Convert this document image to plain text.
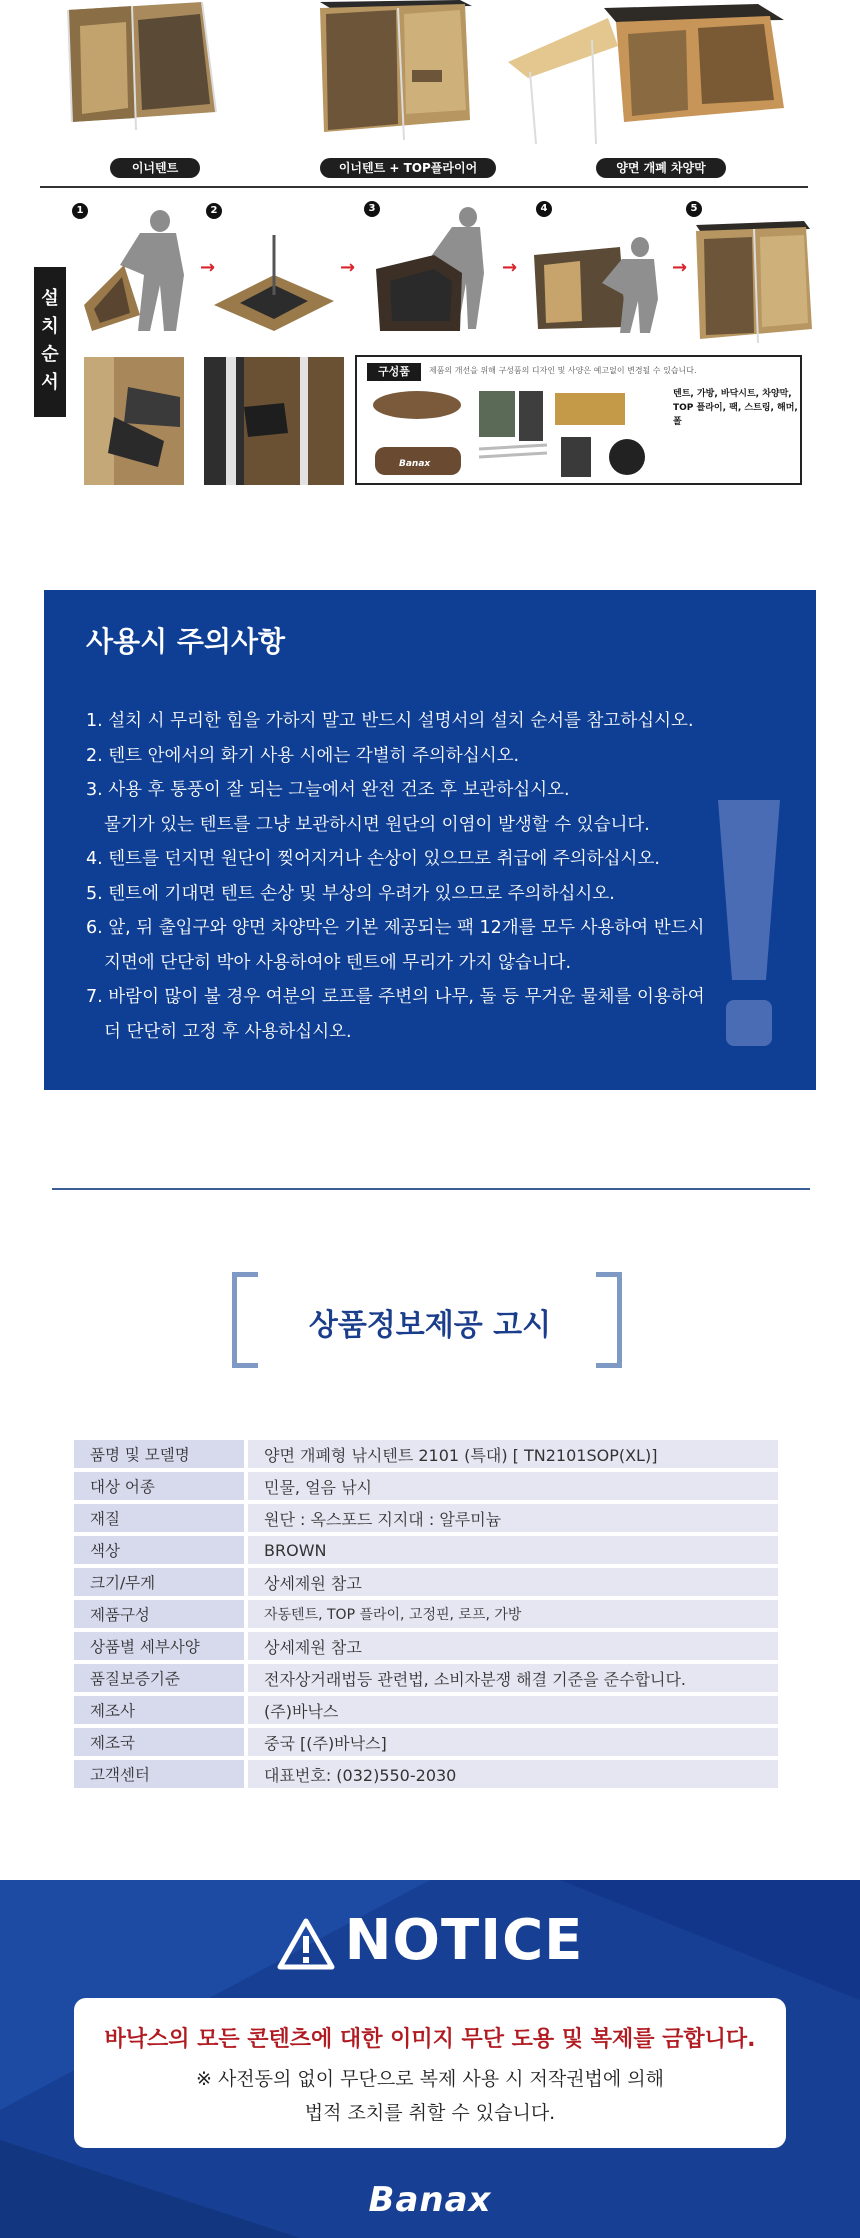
이너텐트	이너텐트 + TOP플라이어	양면 개폐 차양막
설치순서
1
→
2
→
3
→
4
→
5
구성품	제품의 개선을 위해 구성품의 디자인 및 사양은 예고없이 변경될 수 있습니다.
Banax
텐트, 가방, 바닥시트, 차양막, TOP 플라이, 팩, 스트링, 해머, 폴
사용시 주의사항
1. 설치 시 무리한 힘을 가하지 말고 반드시 설명서의 설치 순서를 참고하십시오.
2. 텐트 안에서의 화기 사용 시에는 각별히 주의하십시오.
3. 사용 후 통풍이 잘 되는 그늘에서 완전 건조 후 보관하십시오.
물기가 있는 텐트를 그냥 보관하시면 원단의 이염이 발생할 수 있습니다.
4. 텐트를 던지면 원단이 찢어지거나 손상이 있으므로 취급에 주의하십시오.
5. 텐트에 기대면 텐트 손상 및 부상의 우려가 있으므로 주의하십시오.
6. 앞, 뒤 출입구와 양면 차양막은 기본 제공되는 팩 12개를 모두 사용하여 반드시
지면에 단단히 박아 사용하여야 텐트에 무리가 가지 않습니다.
7. 바람이 많이 불 경우 여분의 로프를 주변의 나무, 돌 등 무거운 물체를 이용하여
더 단단히 고정 후 사용하십시오.
상품정보제공 고시
품명 및 모델명	양면 개폐형 낚시텐트 2101 (특대) [ TN2101SOP(XL)]
대상 어종	민물, 얼음 낚시
재질	원단 : 옥스포드 지지대 : 알루미늄
색상	BROWN
크기/무게	상세제원 참고
제품구성	자동텐트, TOP 플라이, 고정핀, 로프, 가방
상품별 세부사양	상세제원 참고
품질보증기준	전자상거래법등 관련법, 소비자분쟁 해결 기준을 준수합니다.
제조사	(주)바낙스
제조국	중국 [(주)바낙스]
고객센터	대표번호: (032)550-2030
NOTICE
바낙스의 모든 콘텐츠에 대한 이미지 무단 도용 및 복제를 금합니다.
※ 사전동의 없이 무단으로 복제 사용 시 저작권법에 의해
법적 조치를 취할 수 있습니다.
Banax
